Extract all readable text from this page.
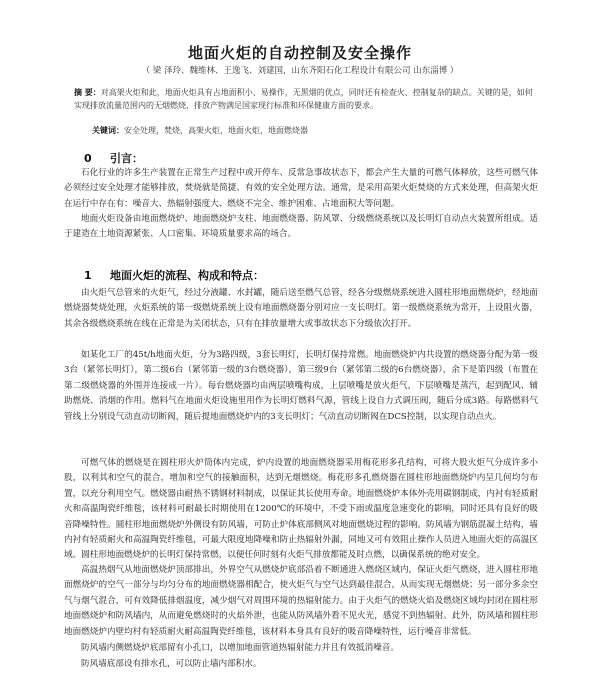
地面火炬的自动控制及安全操作
（ 梁 泽玲、魏维林、王逸飞、刘建国，山东齐阳石化工程设计有限公司 山东淄博 ）
摘 要：对高架火炬和此，地面火炬具有占地面积小、易操作，无黑烟的优点，同时还有检查火、控制复杂的缺点。关键的是，如何实现排放流量范围内的无烟燃烧，排放产物满足国家现行标准和环保健康方面的要求。
关键词：安全处理，焚烧，高架火炬，地面火炬，地面燃烧器
0 引言：

石化行业的许多生产装置在正常生产过程中或开停车、反常急事故状态下，都会产生大量的可燃气体释放，这些可燃气体必须经过安全处理才能够排放，焚烧就是简捷、有效的安全处理方法。通常，是采用高架火炬焚烧的方式来处理，但高架火炬在运行中存在有：噪音大、热辐射强度大、燃烧不完全、维护困难、占地面积大等问题。

地面火炬设备由地面燃烧炉、地面燃烧炉支柱、地面燃烧器、防风罩、分级燃烧系统以及长明灯自动点火装置所组成。适于建造在土地资源紧张、人口密集、环境质量要求高的场合。

1 地面火炬的流程、构成和特点：

由火炬气总管来的火炬气，经过分液罐、水封罐，随后送至燃气总管，经各分级燃烧系统进入圆柱形地面燃烧炉，经地面燃烧器焚烧处理，火炬系统的第一级燃烧系统上设有地面燃烧器分别对应一支长明灯。第一级燃烧系统为常开，上设阻火器，其余各级燃烧系统在线在正常是为关闭状态，只有在排放量增大或事故状态下分级依次打开。

如某化工厂的45t/h地面火炬，分为3路四级，3套长明灯，长明灯保持常燃。地面燃烧炉内共设置的燃烧器分配为第一级3台（紧邻长明灯），第二级6台（紧邻第一级的3台燃烧器），第三级9台（紧邻第二级的6台燃烧器），余下是第四级（布置在第二级燃烧器的外围并连接成一片）。每台燃烧器均由两层喷嘴构成，上层喷嘴是放火炬气，下层喷嘴是蒸汽，起到配风、辅助燃烧、消烟的作用。燃料气在地面火炬设施里用作为长明灯燃料气源，管线上设自力式调压阀，随后分成3路。每路燃料气管线上分别设气动直动切断阀，随后提地面燃烧炉内的3支长明灯；气动直动切断阀在DCS控制，以实现自动点火。

可燃气体的燃烧是在圆柱形火炉筒体内完成，炉内设置的地面燃烧器采用梅花形多孔结构，可将大股火炬气分成许多小股，以利其和空气的混合，增加和空气的接触面积，达到无烟燃烧。梅花形多孔燃烧器在圆柱形地面燃烧炉内呈几何均匀布置，以充分利用空气。燃烧器由耐热不锈钢材料制成，以保证其长使用寿命。地面燃烧炉本体外壳用碳钢制成，内衬有轻质耐火和高温陶瓷纤维毯，该材料可耐最长时期使用在1200℃的环境中，不受下雨或温度急速变化的影响，同时还具有良好的吸音降噪特性。圆柱形地面燃烧炉外侧设有防风墙，可防止炉体底部侧风对地面燃烧过程的影响。防风墙为钢筋混凝土结构，墙内衬有轻质耐火和高温陶瓷纤维毯，可最大限度地降噪和防止热辐射外漏，同地又可有效阻止操作人员进入地面火炬的高温区域。圆柱形地面燃烧炉的长明灯保持常燃，以便任何时刻有火炬气排放都能及时点燃，以确保系统的绝对安全。

高温热烟气从地面燃烧炉顶部排出，外界空气从燃烧炉底部沿着不断通进入燃烧区域内，保证火炬气燃烧，进入圆柱形地面燃烧炉的空气一部分与均匀分布的地面燃烧器相配合，使火炬气与空气达到最佳混合，从而实现无烟燃烧；另一部分多余空气与烟气混合，可有效降低排烟温度，减少烟气对周围环境的热辐射能力。由于火炬气的燃烧火焰及燃烧区域均封闭在圆柱形地面燃烧炉和防风墙内，从而避免燃烧时的火焰外泄，也能从防风墙外看不见火光，感觉不到热辐射。此外，防风墙和圆柱形地面燃烧炉内壁均村有轻质耐火耐高温陶瓷纤维毯，该材料本身具有良好的吸音降噪特性，运行噪音非常低。

防风墙内侧燃烧炉底部留有小孔口，以增加地面管道热辐射能力并且有效抵消噪音。

防风墙底部设有排水孔，可以防止墙内部积水。
